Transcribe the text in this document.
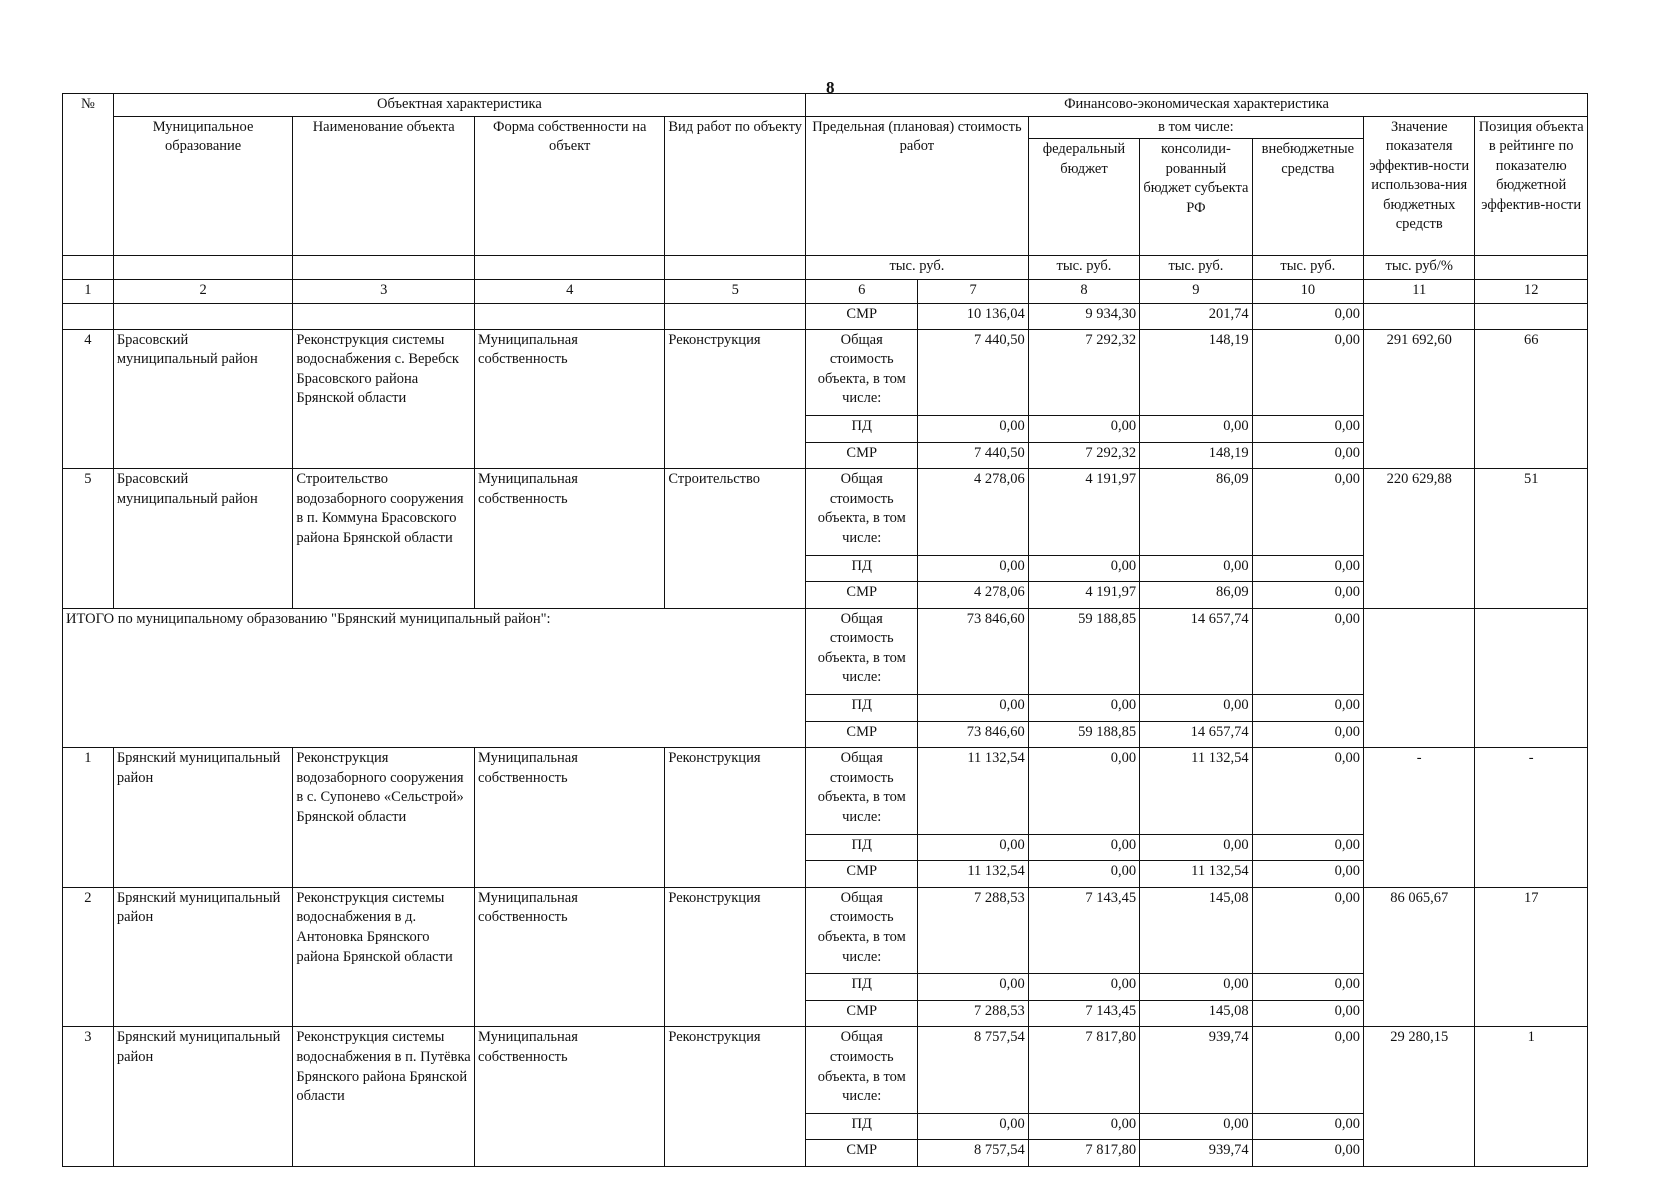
8
№	Объектная характеристика				Финансово-экономическая характеристика						
	Муниципальное образование	Наименование объекта	Форма собственности на объект	Вид работ по объекту	Предельная (плановая) стоимость работ		в том числе:			Значение показателя эффектив-ности использова-ния бюджетных средств	Позиция объекта в рейтинге по показателю бюджетной эффектив-ности
							федеральный бюджет	консолиди-рованный бюджет субъекта РФ	внебюджетные средства		
					тыс. руб.		тыс. руб.	тыс. руб.	тыс. руб.	тыс. руб/%	
1	2	3	4	5	6	7	8	9	10	11	12
					СМР	10 136,04	9 934,30	201,74	0,00		
4	Брасовский муниципальный район	Реконструкция системы водоснабжения с. Веребск Брасовского района Брянской области	Муниципальная собственность	Реконструкция	Общая стоимость объекта, в том числе:	7 440,50	7 292,32	148,19	0,00	291 692,60	66
					ПД	0,00	0,00	0,00	0,00		
					СМР	7 440,50	7 292,32	148,19	0,00		
5	Брасовский муниципальный район	Строительство водозаборного сооружения в п. Коммуна Брасовского района Брянской области	Муниципальная собственность	Строительство	Общая стоимость объекта, в том числе:	4 278,06	4 191,97	86,09	0,00	220 629,88	51
					ПД	0,00	0,00	0,00	0,00		
					СМР	4 278,06	4 191,97	86,09	0,00		
ИТОГО по муниципальному образованию "Брянский муниципальный район":					Общая стоимость объекта, в том числе:	73 846,60	59 188,85	14 657,74	0,00		
					ПД	0,00	0,00	0,00	0,00		
					СМР	73 846,60	59 188,85	14 657,74	0,00		
1	Брянский муниципальный район	Реконструкция водозаборного сооружения в с. Супонево «Сельстрой» Брянской области	Муниципальная собственность	Реконструкция	Общая стоимость объекта, в том числе:	11 132,54	0,00	11 132,54	0,00	-	-
					ПД	0,00	0,00	0,00	0,00		
					СМР	11 132,54	0,00	11 132,54	0,00		
2	Брянский муниципальный район	Реконструкция системы водоснабжения в д. Антоновка Брянского района Брянской области	Муниципальная собственность	Реконструкция	Общая стоимость объекта, в том числе:	7 288,53	7 143,45	145,08	0,00	86 065,67	17
					ПД	0,00	0,00	0,00	0,00		
					СМР	7 288,53	7 143,45	145,08	0,00		
3	Брянский муниципальный район	Реконструкция системы водоснабжения в п. Путёвка Брянского района Брянской области	Муниципальная собственность	Реконструкция	Общая стоимость объекта, в том числе:	8 757,54	7 817,80	939,74	0,00	29 280,15	1
					ПД	0,00	0,00	0,00	0,00		
					СМР	8 757,54	7 817,80	939,74	0,00		
